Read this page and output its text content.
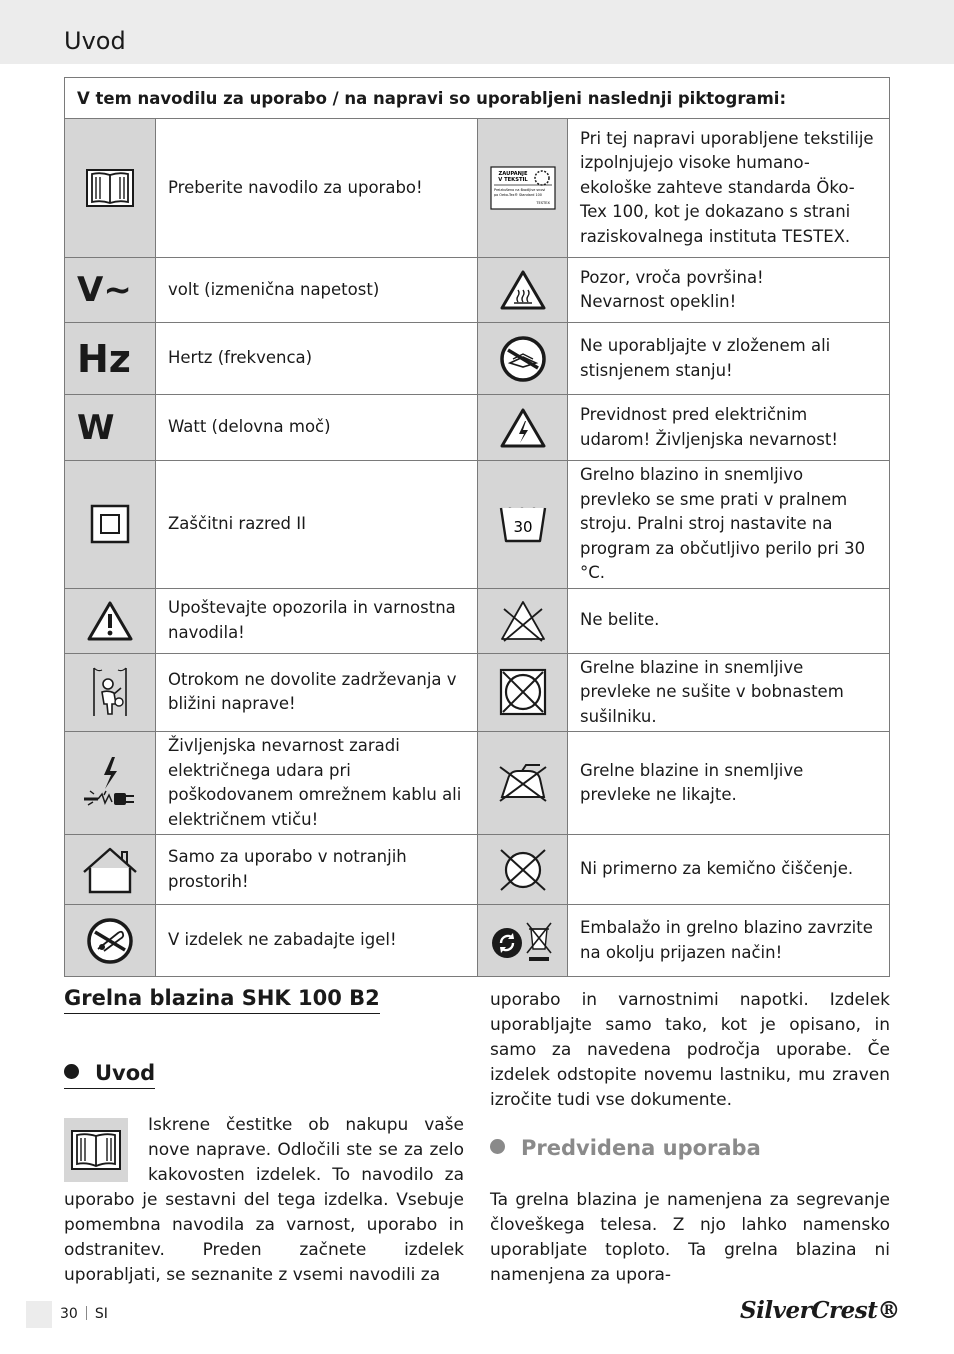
Uvod
V tem navodilu za uporabo / na napravi so uporabljeni naslednji piktogrami:			
	Preberite navodilo za uporabo!	ZAUPANJE
V TEKSTIL
Preizkušeno na škodljive snovi
po Oeko-Tex® Standard 100
TESTEX	Pri tej napravi uporabljene tekstilije izpolnjujejo visoke humano-ekološke zahteve standarda Öko-Tex 100, kot je dokazano s strani raziskovalnega instituta TESTEX.
V~	volt (izmenična napetost)		Pozor, vroča površina!
Nevarnost opeklin!
Hz	Hertz (frekvenca)		Ne uporabljajte v zloženem ali stisnjenem stanju!
W	Watt (delovna moč)		Previdnost pred električnim udarom! Življenjska nevarnost!
	Zaščitni razred II	30	Grelno blazino in snemljivo prevleko se sme prati v pralnem stroju. Pralni stroj nastavite na program za občutljivo perilo pri 30 °C.
	Upoštevajte opozorila in varnostna navodila!		Ne belite.
	Otrokom ne dovolite zadrževanja v bližini naprave!		Grelne blazine in snemljive prevleke ne sušite v bobnastem sušilniku.
	Življenjska nevarnost zaradi električnega udara pri poškodovanem omrežnem kablu ali električnem vtiču!		Grelne blazine in snemljive prevleke ne likajte.
	Samo za uporabo v notranjih prostorih!		Ni primerno za kemično čiščenje.
	V izdelek ne zabadajte igel!		Embalažo in grelno blazino zavrzite na okolju prijazen način!
Grelna blazina SHK 100 B2
Uvod
Iskrene čestitke ob nakupu vaše nove naprave. Odločili ste se za zelo kakovosten izdelek. To navodilo za uporabo je sestavni del tega izdelka. Vsebuje pomembna navodila za varnost, uporabo in odstranitev. Preden začnete izdelek uporabljati, se seznanite z vsemi navodili za
uporabo in varnostnimi napotki. Izdelek uporabljajte samo tako, kot je opisano, in samo za navedena področja uporabe. Če izdelek odstopite novemu lastniku, mu zraven izročite tudi vse dokumente.
Predvidena uporaba
Ta grelna blazina je namenjena za segrevanje človeškega telesa. Z njo lahko namensko uporabljate toploto. Ta grelna blazina ni namenjena za upora-
30 SI	SilverCrest®
